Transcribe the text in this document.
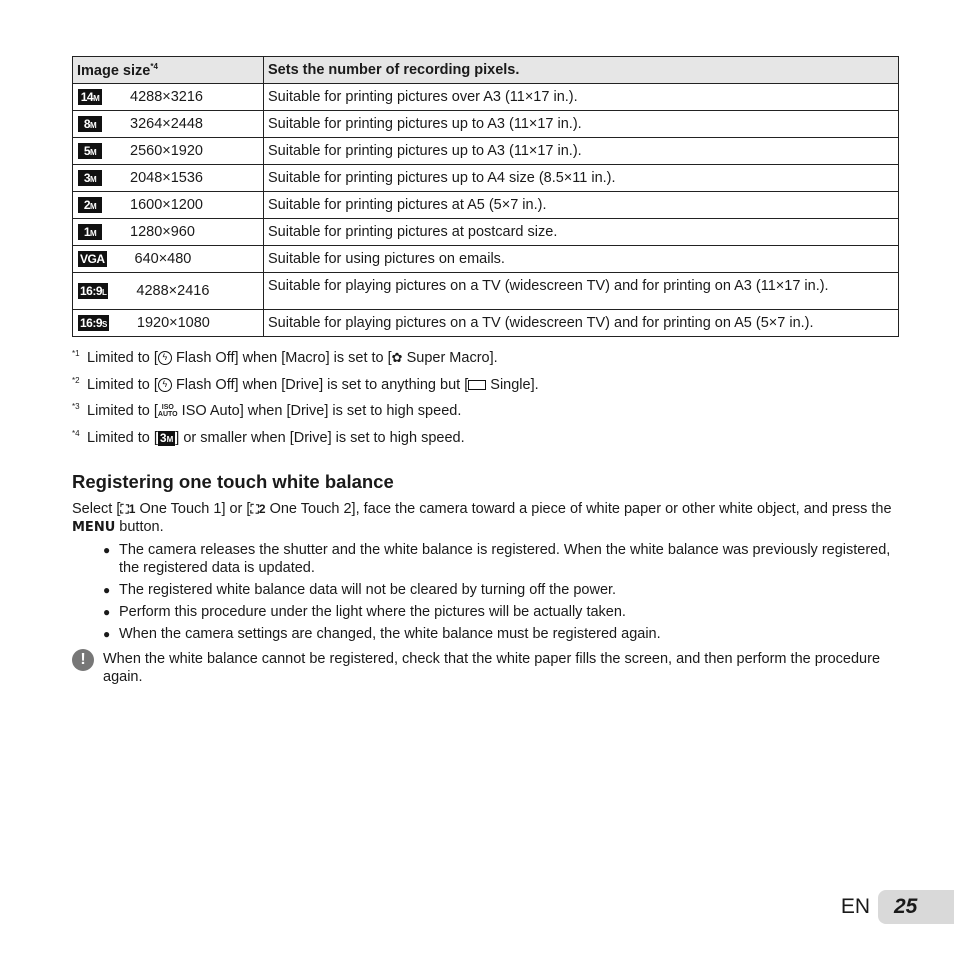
Image size$^{*4}$	Sets the number of recording pixels.

14M 4288×3216	Suitable for printing pictures over A3 (11×17 in.).

8M 3264×2448	Suitable for printing pictures up to A3 (11×17 in.).

5M 2560×1920	Suitable for printing pictures up to A3 (11×17 in.).

3M 2048×1536	Suitable for printing pictures up to A4 size (8.5×11 in.).

2M 1600×1200	Suitable for printing pictures at A5 (5×7 in.).

1M 1280×960	Suitable for printing pictures at postcard size.

VGA 640×480	Suitable for using pictures on emails.

16:9L 4288×2416	Suitable for playing pictures on a TV (widescreen TV) and for printing on A3 (11×17 in.).

16:9S 1920×1080	Suitable for playing pictures on a TV (widescreen TV) and for printing on A5 (5×7 in.).
*1 Limited to [ ϟ Flash Off] when [Macro] is set to [ ✿ Super Macro].
*2 Limited to [ ϟ Flash Off] when [Drive] is set to anything but [ Single].
*3 Limited to [ ISO
AUTO ISO Auto] when [Drive] is set to high speed.
*4 Limited to [ 3M ] or smaller when [Drive] is set to high speed.
Registering one touch white balance
Select [⛶1 One Touch 1] or [⛶2 One Touch 2], face the camera toward a piece of white paper or other white object, and press the MENU button.
● The camera releases the shutter and the white balance is registered. When the white balance was previously registered, the registered data is updated.
● The registered white balance data will not be cleared by turning off the power.
● Perform this procedure under the light where the pictures will be actually taken.
● When the camera settings are changed, the white balance must be registered again.
!	When the white balance cannot be registered, check that the white paper fills the screen, and then perform the procedure again.
EN	25
